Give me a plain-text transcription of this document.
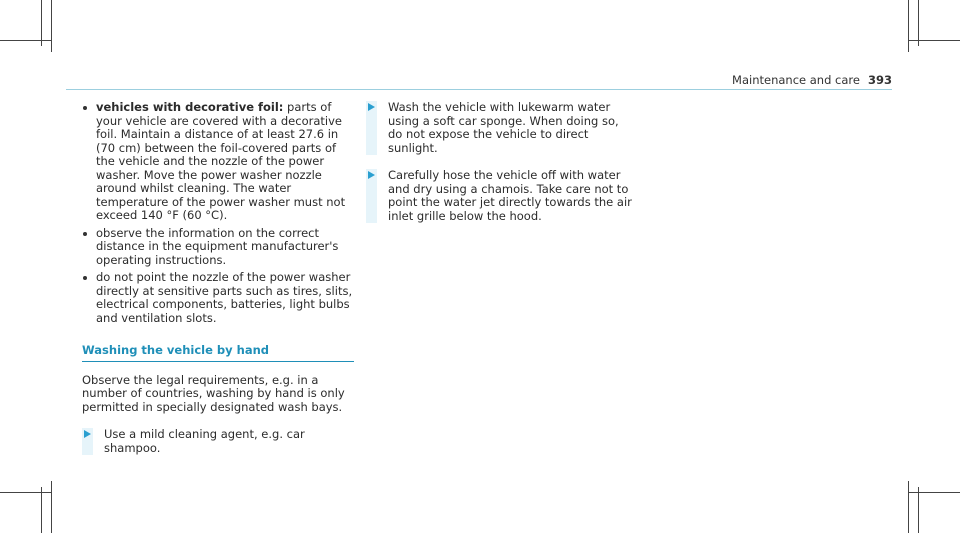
Maintenance and care 393
vehicles with decorative foil: parts of your vehicle are covered with a decorative foil. Maintain a distance of at least 27.6 in (70 cm) between the foil-covered parts of the vehicle and the nozzle of the power washer. Move the power washer nozzle around whilst cleaning. The water temperature of the power washer must not exceed 140 °F (60 °C).
observe the information on the correct distance in the equipment manufacturer's operating instructions.
do not point the nozzle of the power washer directly at sensitive parts such as tires, slits, electrical components, batteries, light bulbs and ventilation slots.
Washing the vehicle by hand

Observe the legal requirements, e.g. in a number of countries, washing by hand is only permitted in specially designated wash bays.

Use a mild cleaning agent, e.g. car shampoo.
Wash the vehicle with lukewarm water using a soft car sponge. When doing so, do not expose the vehicle to direct sunlight.
Carefully hose the vehicle off with water and dry using a chamois. Take care not to point the water jet directly towards the air inlet grille below the hood.
